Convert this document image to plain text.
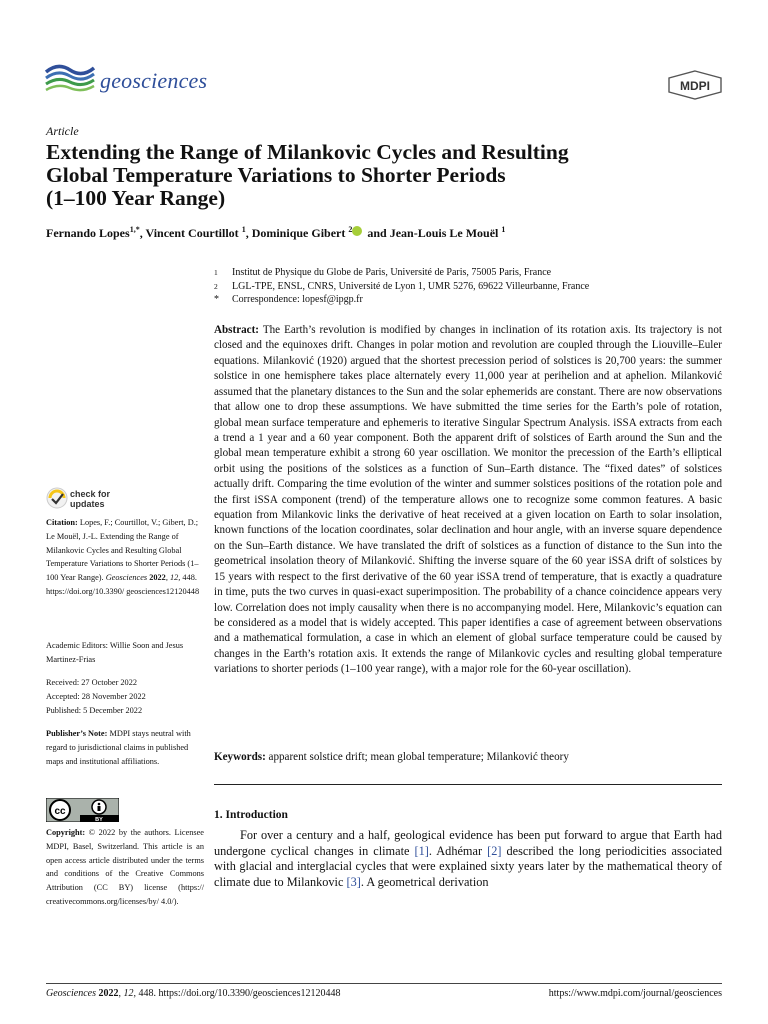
geosciences	MDPI
Article
Extending the Range of Milankovic Cycles and Resulting
Global Temperature Variations to Shorter Periods
(1–100 Year Range)
Fernando Lopes$^{1,*}$, Vincent Courtillot $^1$, Dominique Gibert $^2$ and Jean-Louis Le Mouël $^1$
1	Institut de Physique du Globe de Paris, Université de Paris, 75005 Paris, France
2	LGL-TPE, ENSL, CNRS, Université de Lyon 1, UMR 5276, 69622 Villeurbanne, France
*	Correspondence: lopesf@ipgp.fr
Abstract: The Earth’s revolution is modified by changes in inclination of its rotation axis. Its trajectory is not closed and the equinoxes drift. Changes in polar motion and revolution are coupled through the Liouville–Euler equations. Milanković (1920) argued that the shortest precession period of solstices is 20,700 years: the summer solstice in one hemisphere takes place alternately every 11,000 year at perihelion and at aphelion. Milanković assumed that the planetary distances to the Sun and the solar ephemerids are constant. There are now observations that allow one to drop these assumptions. We have submitted the time series for the Earth’s pole of rotation, global mean surface temperature and ephemeris to iterative Singular Spectrum Analysis. iSSA extracts from each a trend a 1 year and a 60 year component. Both the apparent drift of solstices of Earth around the Sun and the global mean temperature exhibit a strong 60 year oscillation. We monitor the precession of the Earth’s elliptical orbit using the positions of the solstices as a function of Sun–Earth distance. The “fixed dates” of solstices actually drift. Comparing the time evolution of the winter and summer solstices positions of the rotation pole and the first iSSA component (trend) of the temperature allows one to recognize some common features. A basic equation from Milankovic links the derivative of heat received at a given location on Earth to solar insolation, known functions of the location coordinates, solar declination and hour angle, with an inverse square dependence on the Sun–Earth distance. We have translated the drift of solstices as a function of distance to the Sun into the geometrical insolation theory of Milanković. Shifting the inverse square of the 60 year iSSA drift of solstices by 15 years with respect to the first derivative of the 60 year iSSA trend of temperature, that is exactly a quadrature in time, puts the two curves in quasi-exact superimposition. The probability of a chance coincidence appears very low. Correlation does not imply causality when there is no accompanying model. Here, Milankovic’s equation can be considered as a model that is widely accepted. This paper identifies a case of agreement between observations and a mathematical formulation, a case in which an element of global surface temperature could be caused by changes in the Earth’s rotation axis. It extends the range of Milankovic cycles and resulting global temperature variations to shorter periods (1–100 year range), with a major role for the 60-year oscillation).
Keywords: apparent solstice drift; mean global temperature; Milanković theory
1. Introduction
For over a century and a half, geological evidence has been put forward to argue that Earth had undergone cyclical changes in climate [1]. Adhémar [2] described the long periodicities associated with glacial and interglacial cycles that were explained sixty years later by the mathematical theory of climate due to Milankovic [3]. A geometrical derivation
check for
updates
Citation: Lopes, F.; Courtillot, V.; Gibert, D.; Le Mouël, J.-L. Extending the Range of Milankovic Cycles and Resulting Global Temperature Variations to Shorter Periods (1–100 Year Range). Geosciences 2022, 12, 448. https://doi.org/10.3390/ geosciences12120448
Academic Editors: Willie Soon and Jesus Martinez-Frias
Received: 27 October 2022
Accepted: 28 November 2022
Published: 5 December 2022
Publisher’s Note: MDPI stays neutral with regard to jurisdictional claims in published maps and institutional affiliations.
cc
BY
Copyright: © 2022 by the authors. Licensee MDPI, Basel, Switzerland. This article is an open access article distributed under the terms and conditions of the Creative Commons Attribution (CC BY) license (https:// creativecommons.org/licenses/by/ 4.0/).
Geosciences 2022, 12, 448. https://doi.org/10.3390/geosciences12120448	https://www.mdpi.com/journal/geosciences
